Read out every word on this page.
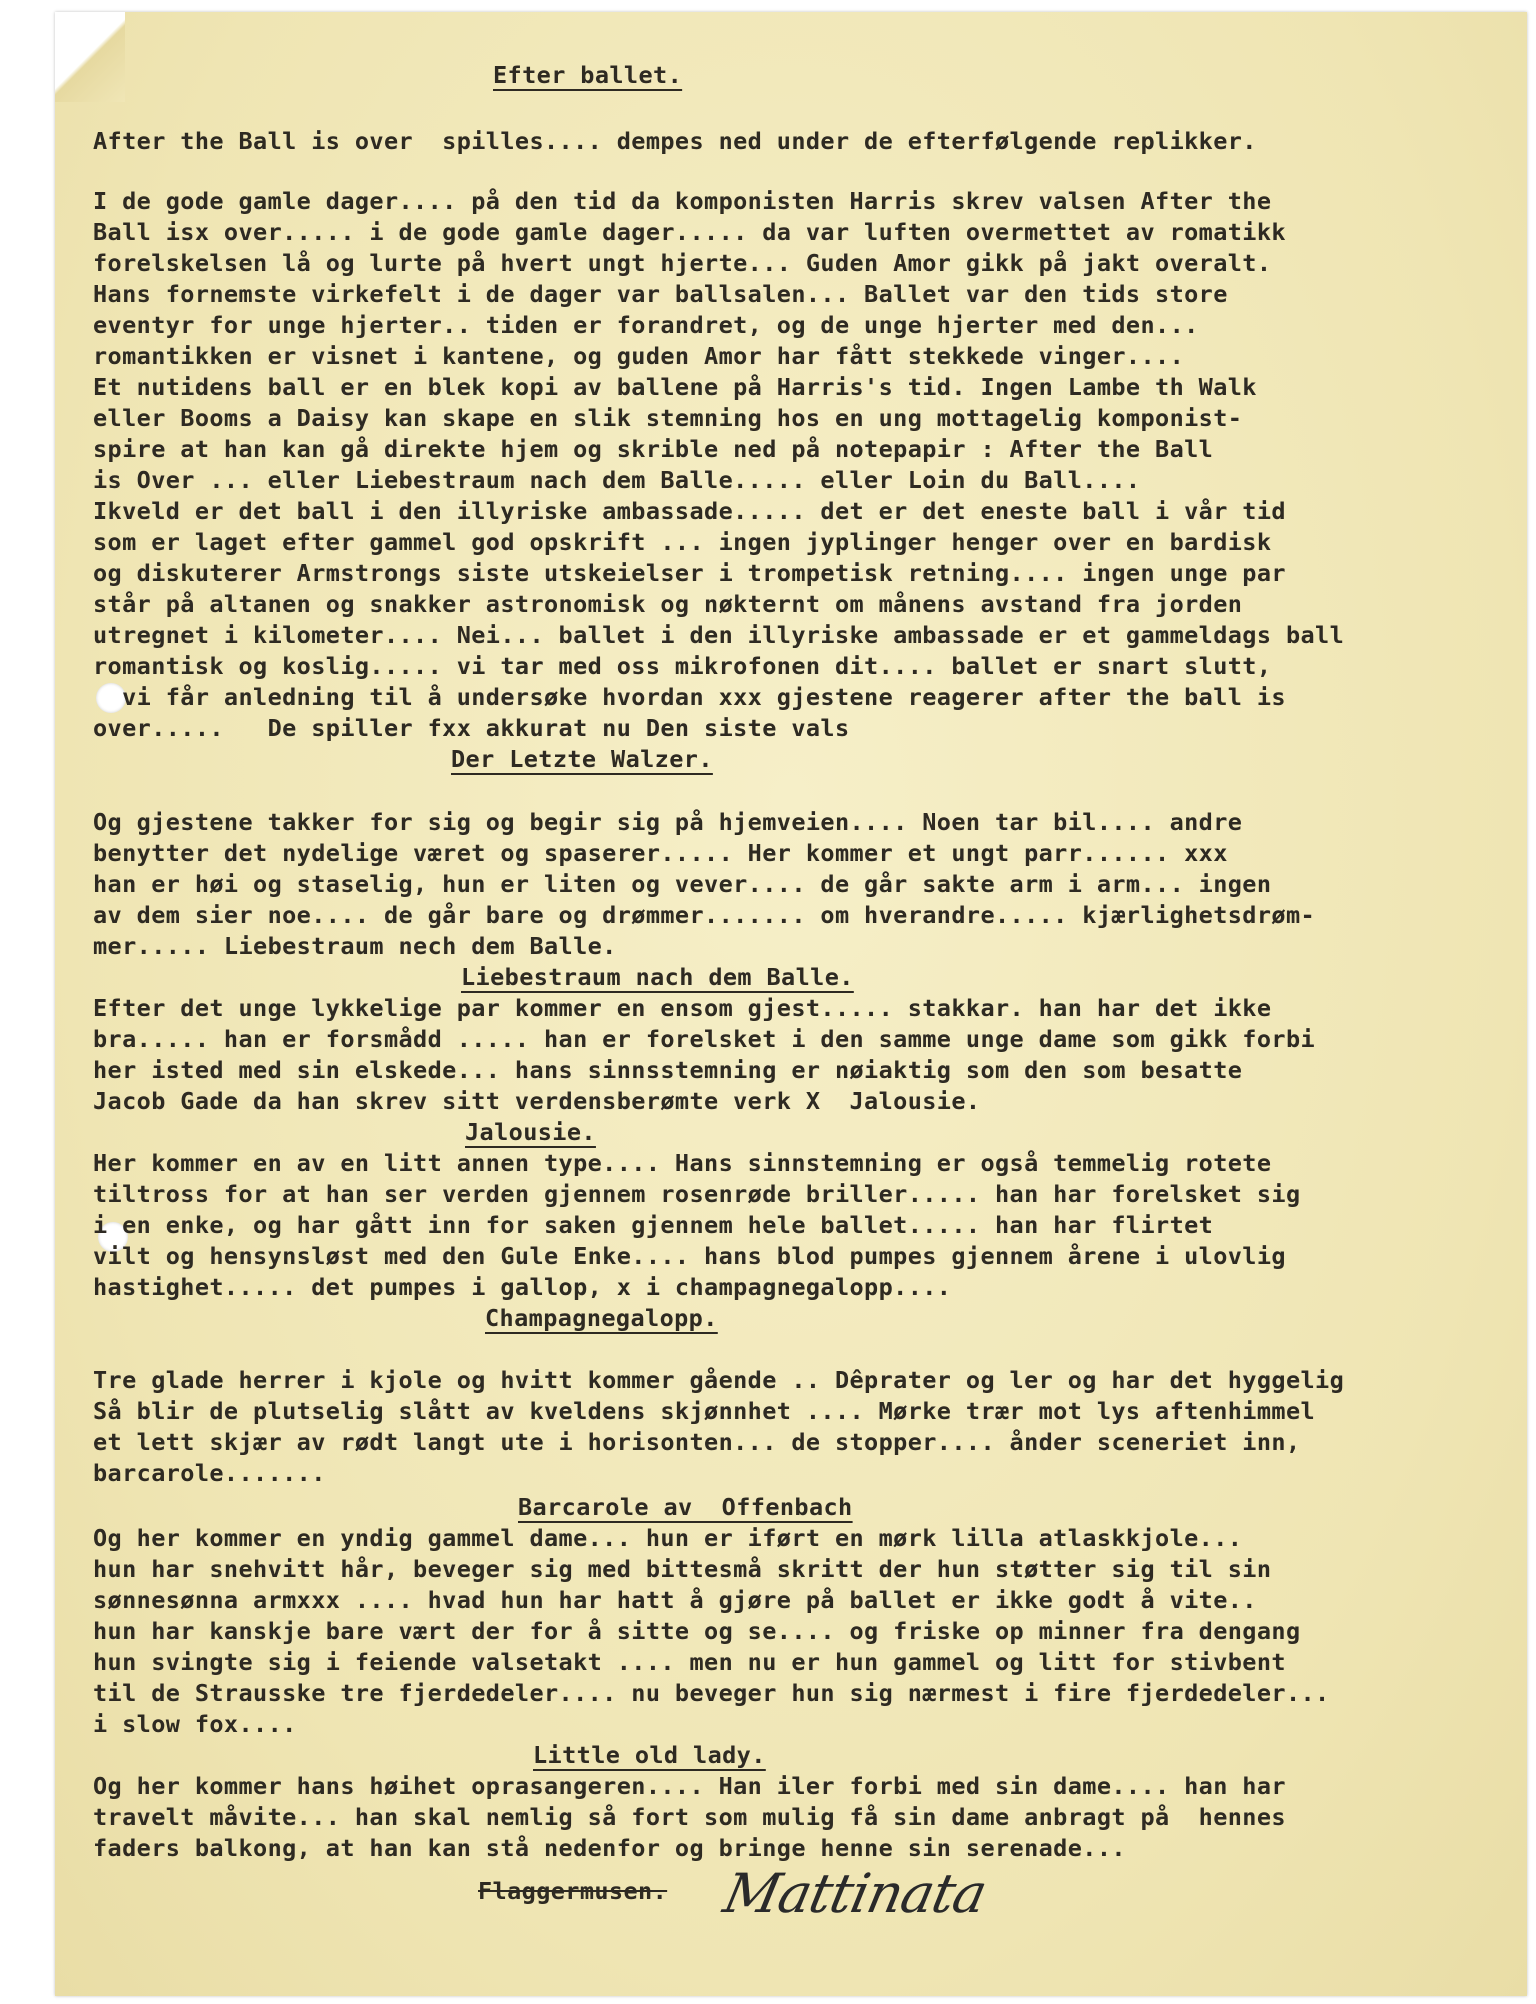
Efter ballet.
After the Ball is over  spilles.... dempes ned under de efterfølgende replikker.
I de gode gamle dager.... på den tid da komponisten Harris skrev valsen After the
Ball isx over..... i de gode gamle dager..... da var luften overmettet av romatikk
forelskelsen lå og lurte på hvert ungt hjerte... Guden Amor gikk på jakt overalt.
Hans fornemste virkefelt i de dager var ballsalen... Ballet var den tids store
eventyr for unge hjerter.. tiden er forandret, og de unge hjerter med den...
romantikken er visnet i kantene, og guden Amor har fått stekkede vinger....
Et nutidens ball er en blek kopi av ballene på Harris's tid. Ingen Lambe th Walk
eller Booms a Daisy kan skape en slik stemning hos en ung mottagelig komponist-
spire at han kan gå direkte hjem og skrible ned på notepapir : After the Ball
is Over ... eller Liebestraum nach dem Balle..... eller Loin du Ball....
Ikveld er det ball i den illyriske ambassade..... det er det eneste ball i vår tid
som er laget efter gammel god opskrift ... ingen jyplinger henger over en bardisk
og diskuterer Armstrongs siste utskeielser i trompetisk retning.... ingen unge par
står på altanen og snakker astronomisk og nøkternt om månens avstand fra jorden
utregnet i kilometer.... Nei... ballet i den illyriske ambassade er et gammeldags ball
romantisk og koslig..... vi tar med oss mikrofonen dit.... ballet er snart slutt,
vi får anledning til å undersøke hvordan xxx gjestene reagerer after the ball is
over.....   De spiller fxx akkurat nu Den siste vals
Der Letzte Walzer.
Og gjestene takker for sig og begir sig på hjemveien.... Noen tar bil.... andre
benytter det nydelige været og spaserer..... Her kommer et ungt parr...... xxx
han er høi og staselig, hun er liten og vever.... de går sakte arm i arm... ingen
av dem sier noe.... de går bare og drømmer....... om hverandre..... kjærlighetsdrøm-
mer..... Liebestraum nech dem Balle.
Liebestraum nach dem Balle.
Efter det unge lykkelige par kommer en ensom gjest..... stakkar. han har det ikke
bra..... han er forsmådd ..... han er forelsket i den samme unge dame som gikk forbi
her isted med sin elskede... hans sinnsstemning er nøiaktig som den som besatte
Jacob Gade da han skrev sitt verdensberømte verk X  Jalousie.
Jalousie.
Her kommer en av en litt annen type.... Hans sinnstemning er også temmelig rotete
tiltross for at han ser verden gjennem rosenrøde briller..... han har forelsket sig
i en enke, og har gått inn for saken gjennem hele ballet..... han har flirtet
vilt og hensynsløst med den Gule Enke.... hans blod pumpes gjennem årene i ulovlig
hastighet..... det pumpes i gallop, x i champagnegalopp....
Champagnegalopp.
Tre glade herrer i kjole og hvitt kommer gående .. Dêprater og ler og har det hyggelig
Så blir de plutselig slått av kveldens skjønnhet .... Mørke trær mot lys aftenhimmel
et lett skjær av rødt langt ute i horisonten... de stopper.... ånder sceneriet inn,
barcarole.......
Barcarole av  Offenbach
Og her kommer en yndig gammel dame... hun er iført en mørk lilla atlaskkjole...
hun har snehvitt hår, beveger sig med bittesmå skritt der hun støtter sig til sin
sønnesønna armxxx .... hvad hun har hatt å gjøre på ballet er ikke godt å vite..
hun har kanskje bare vært der for å sitte og se.... og friske op minner fra dengang
hun svingte sig i feiende valsetakt .... men nu er hun gammel og litt for stivbent
til de Strausske tre fjerdedeler.... nu beveger hun sig nærmest i fire fjerdedeler...
i slow fox....
Little old lady.
Og her kommer hans høihet oprasangeren.... Han iler forbi med sin dame.... han har
travelt måvite... han skal nemlig så fort som mulig få sin dame anbragt på  hennes
faders balkong, at han kan stå nedenfor og bringe henne sin serenade...
Flaggermusen. Mattinata
